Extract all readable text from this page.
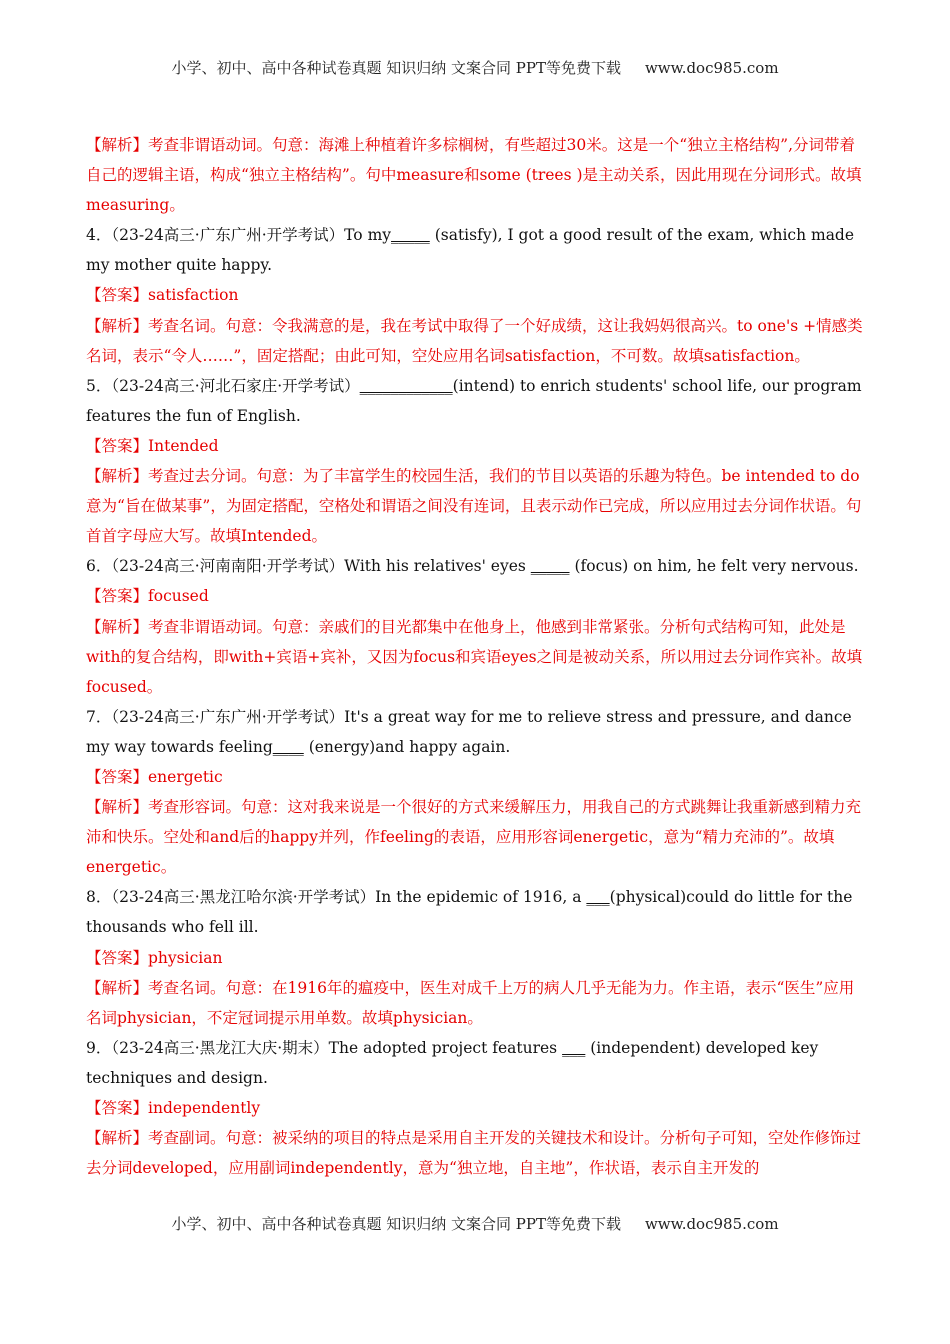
小学、初中、高中各种试卷真题 知识归纳 文案合同 PPT等免费下载 www.doc985.com

【解析】考查非谓语动词。句意：海滩上种植着许多棕榈树，有些超过30米。这是一个“独立主格结构”,分词带着自己的逻辑主语，构成“独立主格结构”。句中measure和some (trees )是主动关系，因此用现在分词形式。故填measuring。

4．（23-24高三·广东广州·开学考试）To my_____ (satisfy), I got a good result of the exam, which made my mother quite happy.

【答案】satisfaction

【解析】考查名词。句意：令我满意的是，我在考试中取得了一个好成绩，这让我妈妈很高兴。to one's +情感类名词，表示“令人……”，固定搭配；由此可知，空处应用名词satisfaction，不可数。故填satisfaction。

5．（23-24高三·河北石家庄·开学考试）____________(intend) to enrich students' school life, our program features the fun of English.

【答案】Intended

【解析】考查过去分词。句意：为了丰富学生的校园生活，我们的节目以英语的乐趣为特色。be intended to do意为“旨在做某事”，为固定搭配，空格处和谓语之间没有连词，且表示动作已完成，所以应用过去分词作状语。句首首字母应大写。故填Intended。

6．（23-24高三·河南南阳·开学考试）With his relatives' eyes _____ (focus) on him, he felt very nervous.

【答案】focused

【解析】考查非谓语动词。句意：亲戚们的目光都集中在他身上，他感到非常紧张。分析句式结构可知，此处是with的复合结构，即with+宾语+宾补，又因为focus和宾语eyes之间是被动关系，所以用过去分词作宾补。故填focused。

7．（23-24高三·广东广州·开学考试）It's a great way for me to relieve stress and pressure, and dance my way towards feeling____ (energy)and happy again.

【答案】energetic

【解析】考查形容词。句意：这对我来说是一个很好的方式来缓解压力，用我自己的方式跳舞让我重新感到精力充沛和快乐。空处和and后的happy并列，作feeling的表语，应用形容词energetic，意为“精力充沛的”。故填energetic。

8．（23-24高三·黑龙江哈尔滨·开学考试）In the epidemic of 1916, a ___(physical)could do little for the thousands who fell ill.

【答案】physician

【解析】考查名词。句意：在1916年的瘟疫中，医生对成千上万的病人几乎无能为力。作主语，表示“医生”应用名词physician，不定冠词提示用单数。故填physician。

9．（23-24高三·黑龙江大庆·期末）The adopted project features ___ (independent) developed key techniques and design.

【答案】independently

【解析】考查副词。句意：被采纳的项目的特点是采用自主开发的关键技术和设计。分析句子可知，空处作修饰过去分词developed，应用副词independently，意为“独立地，自主地”，作状语，表示自主开发的

小学、初中、高中各种试卷真题 知识归纳 文案合同 PPT等免费下载 www.doc985.com
